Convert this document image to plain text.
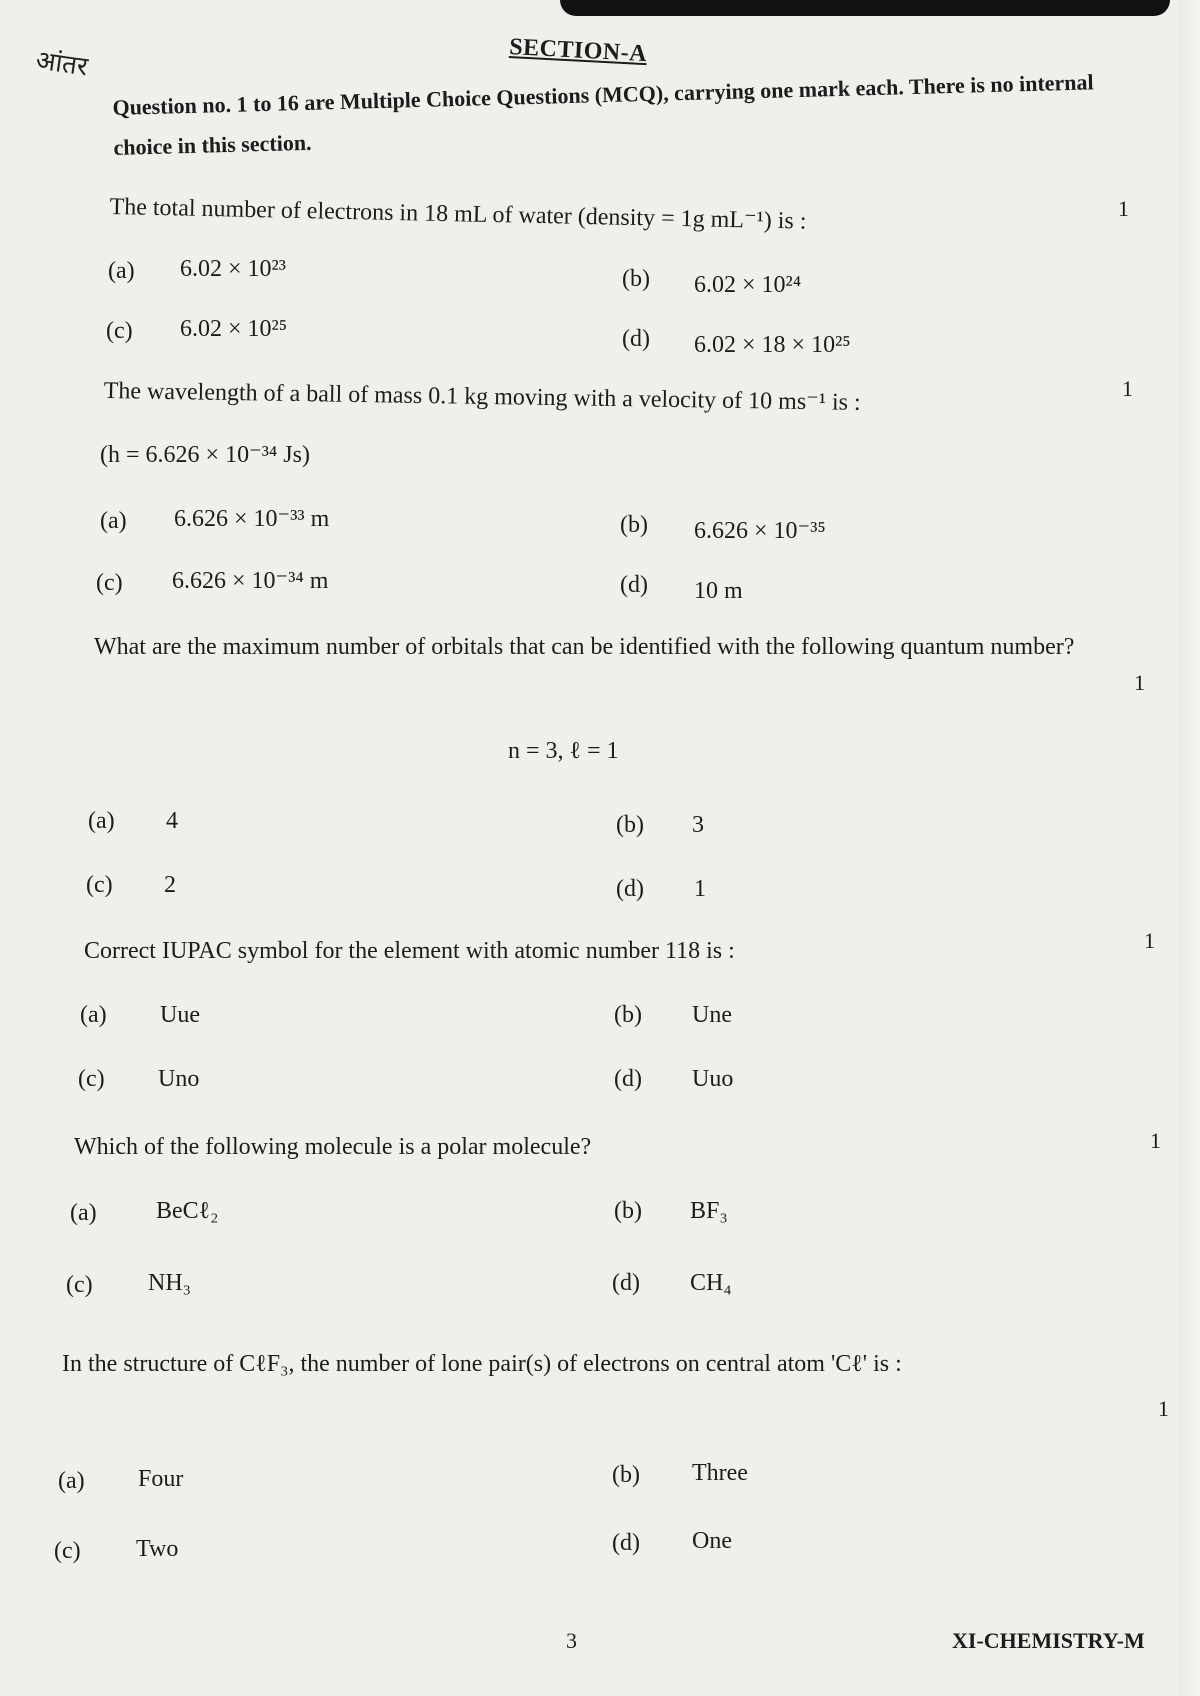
आंतर	SECTION-A
Question no. 1 to 16 are Multiple Choice Questions (MCQ), carrying one mark each. There is no internal choice in this section.
The total number of electrons in 18 mL of water (density = 1g mL⁻¹) is :	1
(a) 6.02 × 10²³	(b) 6.02 × 10²⁴
(c) 6.02 × 10²⁵	(d) 6.02 × 18 × 10²⁵
The wavelength of a ball of mass 0.1 kg moving with a velocity of 10 ms⁻¹ is :	1
(h = 6.626 × 10⁻³⁴ Js)
(a) 6.626 × 10⁻³³ m	(b) 6.626 × 10⁻³⁵
(c) 6.626 × 10⁻³⁴ m	(d) 10 m
What are the maximum number of orbitals that can be identified with the following quantum number?
1
n = 3, ℓ = 1
(a) 4	(b) 3
(c) 2	(d) 1
Correct IUPAC symbol for the element with atomic number 118 is :	1
(a) Uue	(b) Une
(c) Uno	(d) Uuo
Which of the following molecule is a polar molecule?	1
(a) BeCℓ₂	(b) BF₃
(c) NH₃	(d) CH₄
In the structure of CℓF₃, the number of lone pair(s) of electrons on central atom 'Cℓ' is :
1
(a) Four	(b) Three
(c) Two	(d) One
3	XI-CHEMISTRY-M
